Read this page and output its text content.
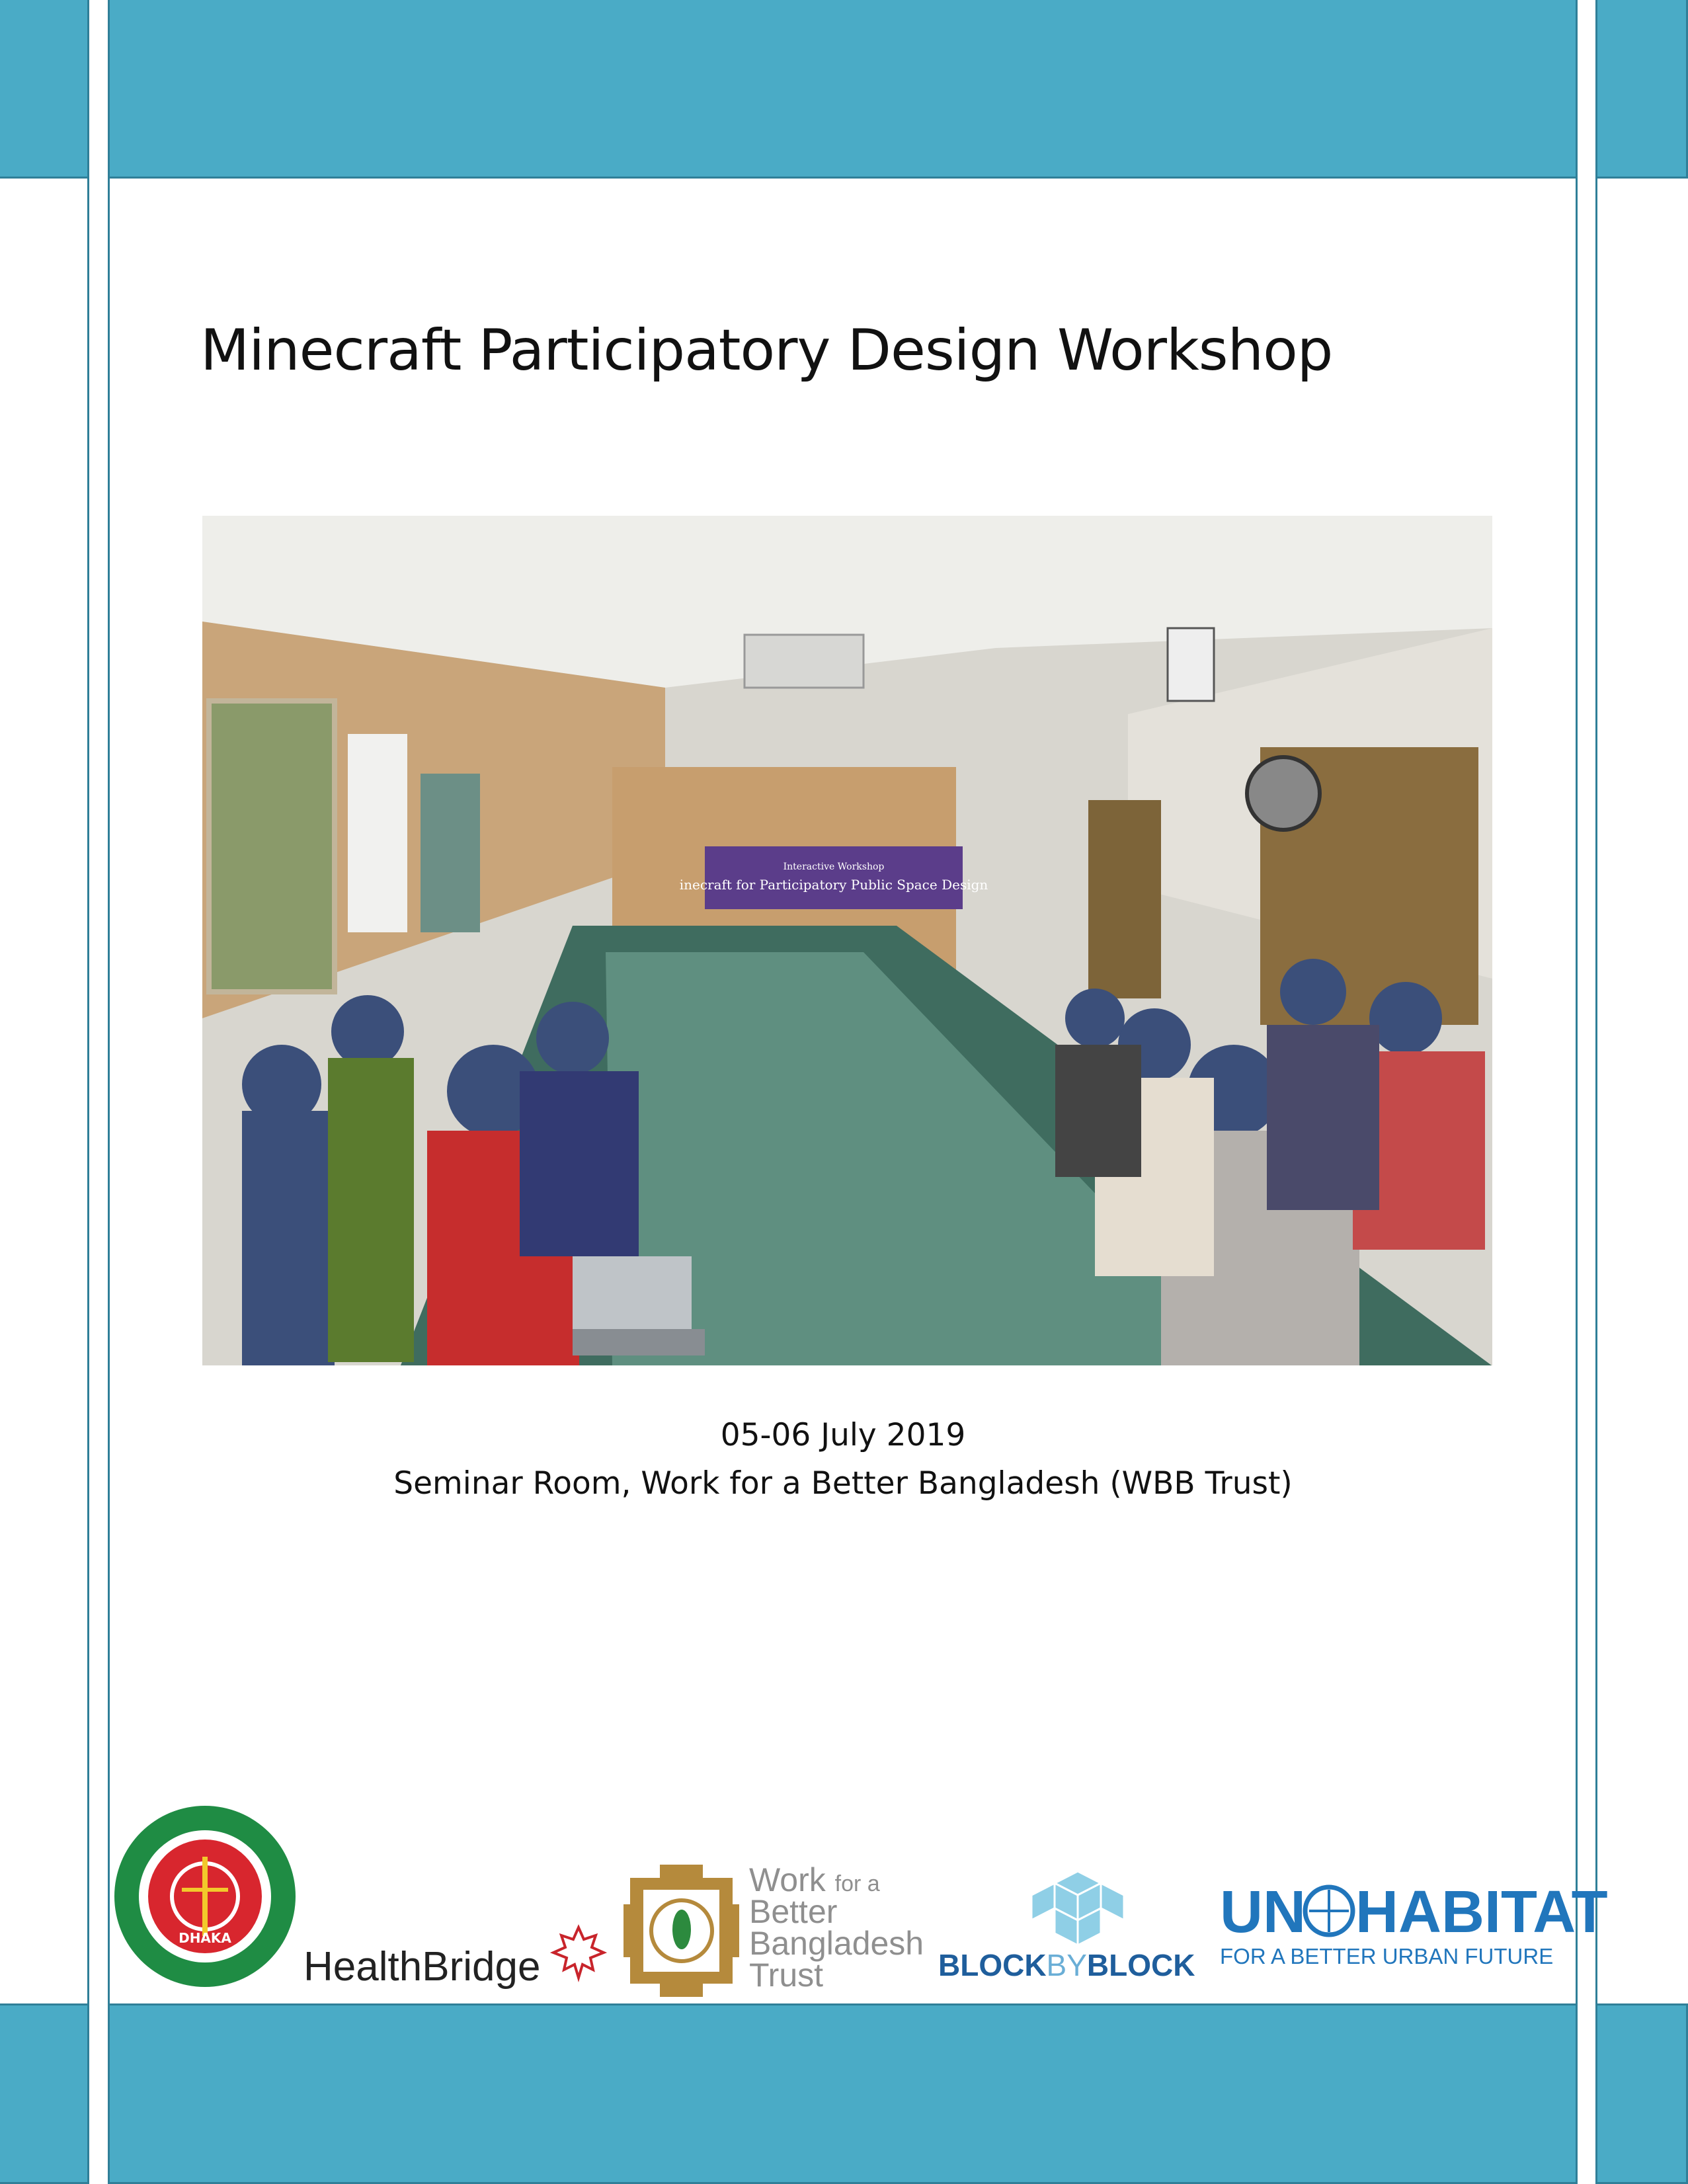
Minecraft Participatory Design Workshop
Interactive Workshop
inecraft for Participatory Public Space Design

05-06 July 2019

Seminar Room, Work for a Better Bangladesh (WBB Trust)

DHAKA
HealthBridge
Work for a
Better
Bangladesh
Trust	BLOCKBYBLOCK
UN HABITAT
FOR A BETTER URBAN FUTURE
